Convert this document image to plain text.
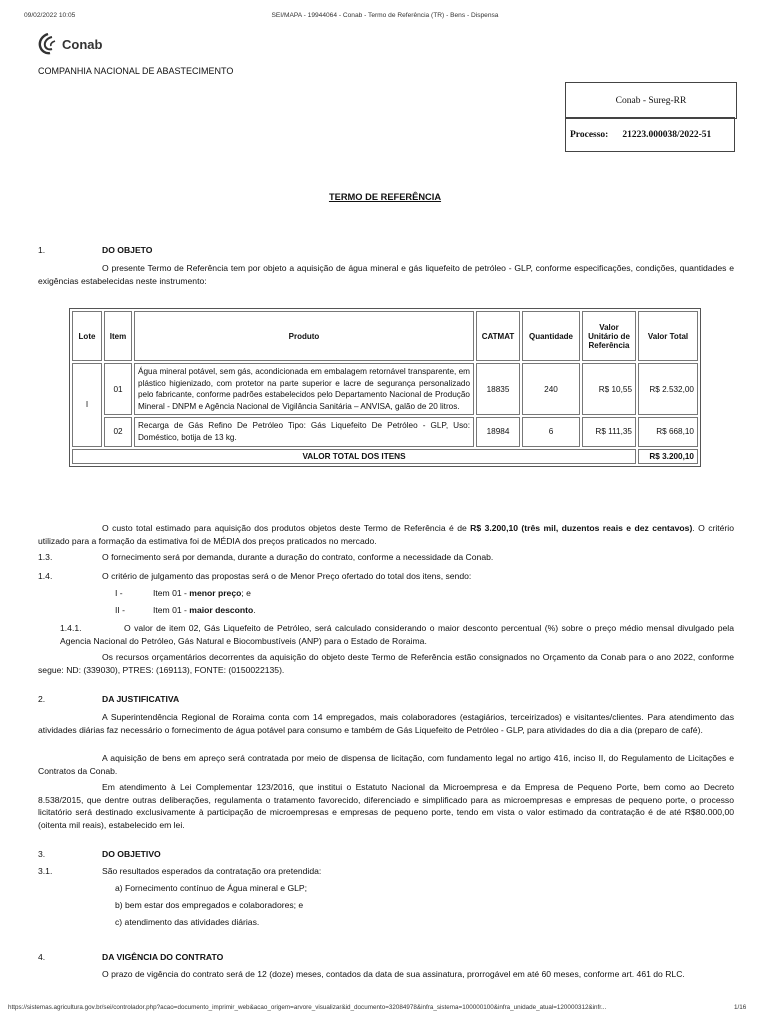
09/02/2022 10:05	SEI/MAPA - 19944064 - Conab - Termo de Referência (TR) - Bens - Dispensa
Conab
COMPANHIA NACIONAL DE ABASTECIMENTO
Conab - Sureg-RR
Processo: 21223.000038/2022-51
TERMO DE REFERÊNCIA
1.	DO OBJETO
O presente Termo de Referência tem por objeto a aquisição de água mineral e gás liquefeito de petróleo - GLP, conforme especificações, condições, quantidades e exigências estabelecidas neste instrumento:
Lote	Item	Produto	CATMAT	Quantidade	Valor Unitário de Referência	Valor Total
I	01	Água mineral potável, sem gás, acondicionada em embalagem retornável transparente, em plástico higienizado, com protetor na parte superior e lacre de segurança personalizado pelo fabricante, conforme padrões estabelecidos pelo Departamento Nacional de Produção Mineral - DNPM e Agência Nacional de Vigilância Sanitária – ANVISA, galão de 20 litros.	18835	240	R$ 10,55	R$ 2.532,00
	02	Recarga de Gás Refino De Petróleo Tipo: Gás Liquefeito De Petróleo - GLP, Uso: Doméstico, botija de 13 kg.	18984	6	R$ 111,35	R$ 668,10
VALOR TOTAL DOS ITENS						R$ 3.200,10
O custo total estimado para aquisição dos produtos objetos deste Termo de Referência é de R$ 3.200,10 (três mil, duzentos reais e dez centavos). O critério utilizado para a formação da estimativa foi de MÉDIA dos preços praticados no mercado.
1.3.	O fornecimento será por demanda, durante a duração do contrato, conforme a necessidade da Conab.
1.4.	O critério de julgamento das propostas será o de Menor Preço ofertado do total dos itens, sendo:
I -	Item 01 - menor preço; e
II -	Item 01 - maior desconto.
1.4.1.	O valor de item 02, Gás Liquefeito de Petróleo, será calculado considerando o maior desconto percentual (%) sobre o preço médio mensal divulgado pela Agencia Nacional do Petróleo, Gás Natural e Biocombustíveis (ANP) para o Estado de Roraima.
Os recursos orçamentários decorrentes da aquisição do objeto deste Termo de Referência estão consignados no Orçamento da Conab para o ano 2022, conforme segue: ND: (339030), PTRES: (169113), FONTE: (0150022135).
2.	DA JUSTIFICATIVA
A Superintendência Regional de Roraima conta com 14 empregados, mais colaboradores (estagiários, terceirizados) e visitantes/clientes. Para atendimento das atividades diárias faz necessário o fornecimento de água potável para consumo e também de Gás Liquefeito de Petróleo - GLP, para atividades do dia a dia (preparo de café).
A aquisição de bens em apreço será contratada por meio de dispensa de licitação, com fundamento legal no artigo 416, inciso II, do Regulamento de Licitações e Contratos da Conab.
Em atendimento à Lei Complementar 123/2016, que institui o Estatuto Nacional da Microempresa e da Empresa de Pequeno Porte, bem como ao Decreto 8.538/2015, que dentre outras deliberações, regulamenta o tratamento favorecido, diferenciado e simplificado para as microempresas e empresas de pequeno porte, o processo licitatório será destinado exclusivamente à participação de microempresas e empresas de pequeno porte, tendo em vista o valor estimado da contratação é de até R$80.000,00 (oitenta mil reais), estabelecido em lei.
3.	DO OBJETIVO
3.1.	São resultados esperados da contratação ora pretendida:
a) Fornecimento contínuo de Água mineral e GLP;
b) bem estar dos empregados e colaboradores; e
c) atendimento das atividades diárias.
4.	DA VIGÊNCIA DO CONTRATO
O prazo de vigência do contrato será de 12 (doze) meses, contados da data de sua assinatura, prorrogável em até 60 meses, conforme art. 461 do RLC.
https://sistemas.agricultura.gov.br/sei/controlador.php?acao=documento_imprimir_web&acao_origem=arvore_visualizar&id_documento=32084978&infra_sistema=100000100&infra_unidade_atual=120000312&infr...	1/16
